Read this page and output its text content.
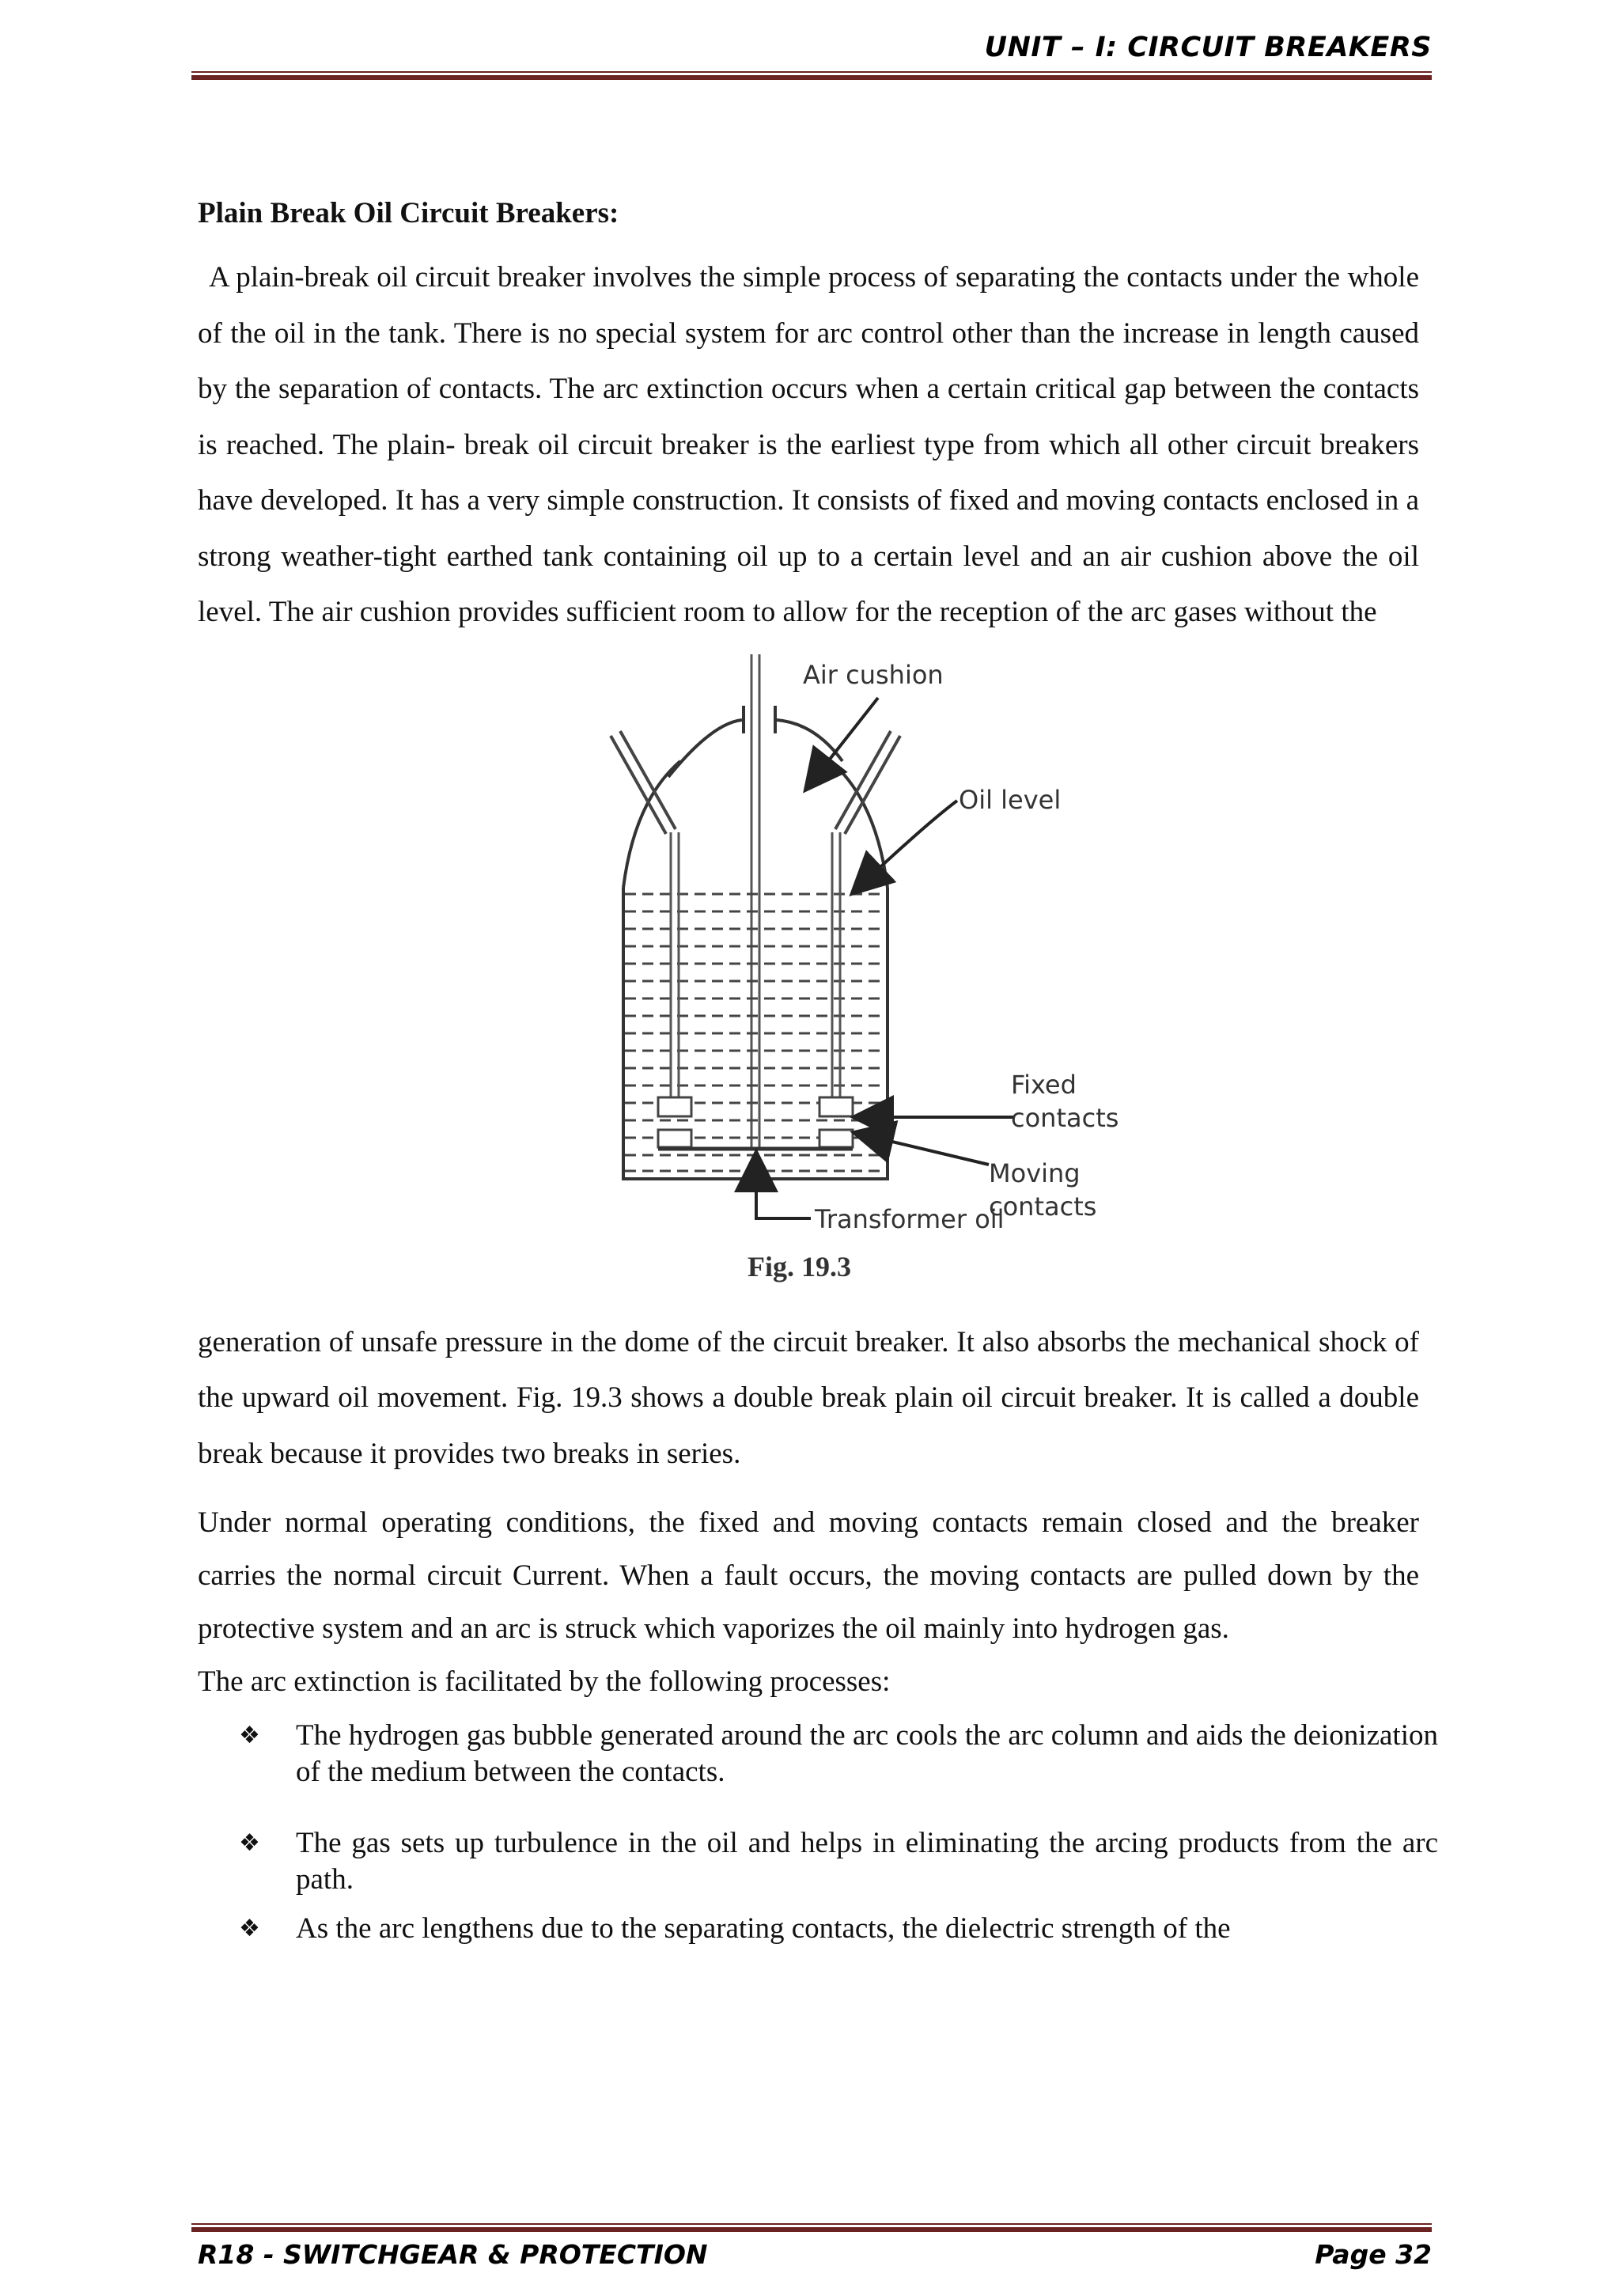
UNIT – I: CIRCUIT BREAKERS
Plain Break Oil Circuit Breakers:

A plain-break oil circuit breaker involves the simple process of separating the contacts under the whole of the oil in the tank. There is no special system for arc control other than the increase in length caused by the separation of contacts. The arc extinction occurs when a certain critical gap between the contacts is reached. The plain- break oil circuit breaker is the earliest type from which all other circuit breakers have developed. It has a very simple construction. It consists of fixed and moving contacts enclosed in a strong weather-tight earthed tank containing oil up to a certain level and an air cushion above the oil level. The air cushion provides sufficient room to allow for the reception of the arc gases without the

Air cushion
Oil level
Fixed
contacts
Moving
contacts
Transformer oil
Fig. 19.3

generation of unsafe pressure in the dome of the circuit breaker. It also absorbs the mechanical shock of the upward oil movement. Fig. 19.3 shows a double break plain oil circuit breaker. It is called a double break because it provides two breaks in series.

Under normal operating conditions, the fixed and moving contacts remain closed and the breaker carries the normal circuit Current. When a fault occurs, the moving contacts are pulled down by the protective system and an arc is struck which vaporizes the oil mainly into hydrogen gas.

The arc extinction is facilitated by the following processes:

❖ The hydrogen gas bubble generated around the arc cools the arc column and aids the deionization of the medium between the contacts.
❖ The gas sets up turbulence in the oil and helps in eliminating the arcing products from the arc path.
❖ As the arc lengthens due to the separating contacts, the dielectric strength of the
R18 - SWITCHGEAR & PROTECTION	Page 32
